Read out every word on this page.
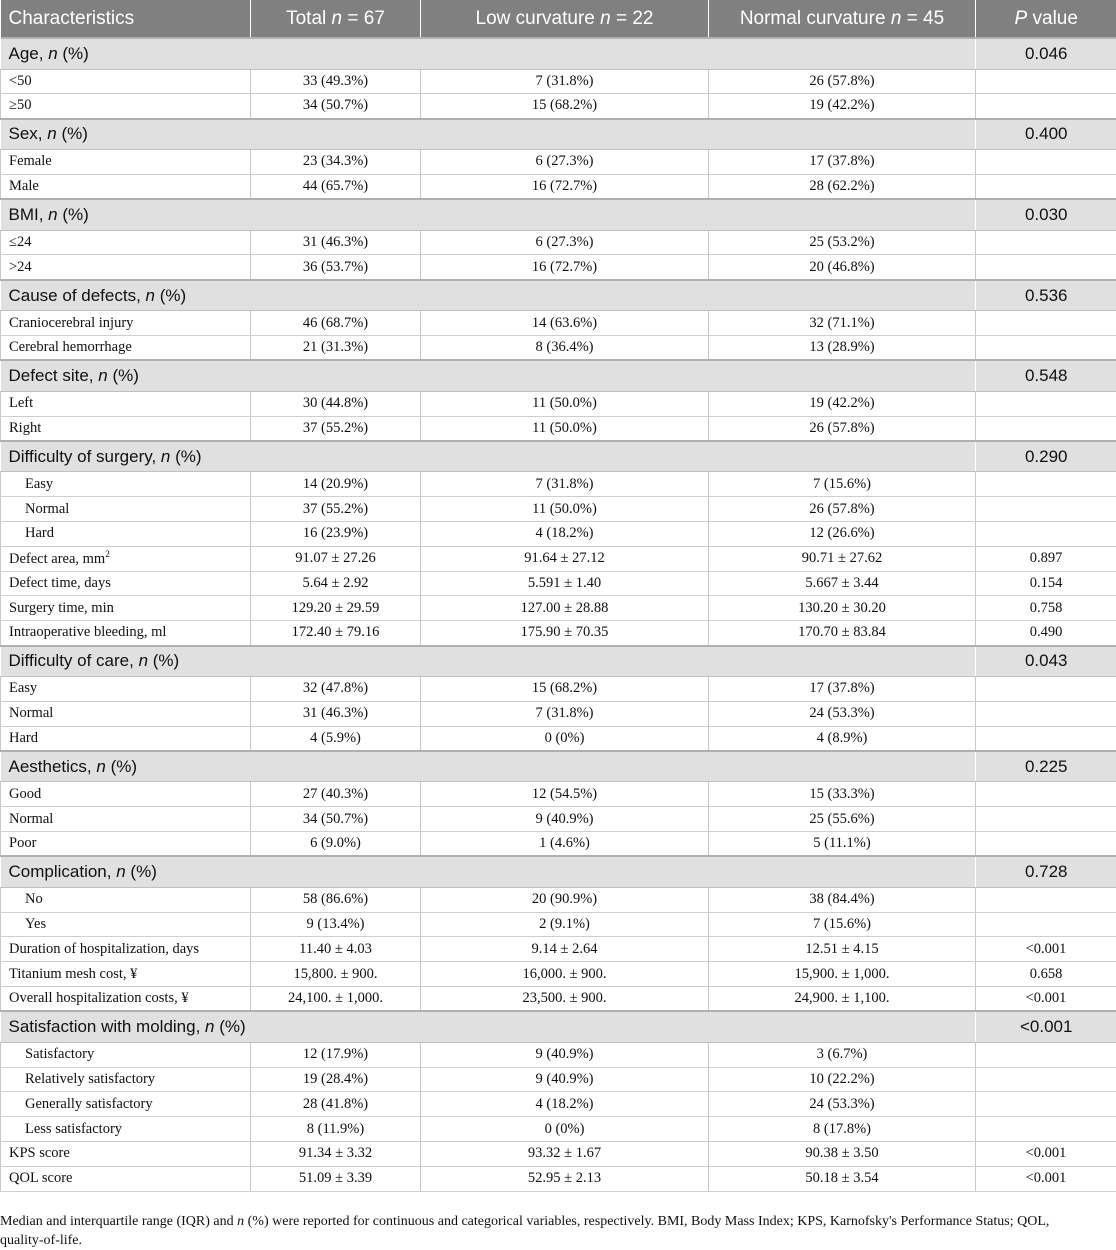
Characteristics	Total n = 67	Low curvature n = 22	Normal curvature n = 45	P value
Age, n (%)				0.046
<50	33 (49.3%)	7 (31.8%)	26 (57.8%)	
≥50	34 (50.7%)	15 (68.2%)	19 (42.2%)	
Sex, n (%)				0.400
Female	23 (34.3%)	6 (27.3%)	17 (37.8%)	
Male	44 (65.7%)	16 (72.7%)	28 (62.2%)	
BMI, n (%)				0.030
≤24	31 (46.3%)	6 (27.3%)	25 (53.2%)	
>24	36 (53.7%)	16 (72.7%)	20 (46.8%)	
Cause of defects, n (%)				0.536
Craniocerebral injury	46 (68.7%)	14 (63.6%)	32 (71.1%)	
Cerebral hemorrhage	21 (31.3%)	8 (36.4%)	13 (28.9%)	
Defect site, n (%)				0.548
Left	30 (44.8%)	11 (50.0%)	19 (42.2%)	
Right	37 (55.2%)	11 (50.0%)	26 (57.8%)	
Difficulty of surgery, n (%)				0.290
Easy	14 (20.9%)	7 (31.8%)	7 (15.6%)	
Normal	37 (55.2%)	11 (50.0%)	26 (57.8%)	
Hard	16 (23.9%)	4 (18.2%)	12 (26.6%)	
Defect area, $mm^2$	91.07 ± 27.26	91.64 ± 27.12	90.71 ± 27.62	0.897
Defect time, days	5.64 ± 2.92	5.591 ± 1.40	5.667 ± 3.44	0.154
Surgery time, min	129.20 ± 29.59	127.00 ± 28.88	130.20 ± 30.20	0.758
Intraoperative bleeding, ml	172.40 ± 79.16	175.90 ± 70.35	170.70 ± 83.84	0.490
Difficulty of care, n (%)				0.043
Easy	32 (47.8%)	15 (68.2%)	17 (37.8%)	
Normal	31 (46.3%)	7 (31.8%)	24 (53.3%)	
Hard	4 (5.9%)	0 (0%)	4 (8.9%)	
Aesthetics, n (%)				0.225
Good	27 (40.3%)	12 (54.5%)	15 (33.3%)	
Normal	34 (50.7%)	9 (40.9%)	25 (55.6%)	
Poor	6 (9.0%)	1 (4.6%)	5 (11.1%)	
Complication, n (%)				0.728
No	58 (86.6%)	20 (90.9%)	38 (84.4%)	
Yes	9 (13.4%)	2 (9.1%)	7 (15.6%)	
Duration of hospitalization, days	11.40 ± 4.03	9.14 ± 2.64	12.51 ± 4.15	<0.001
Titanium mesh cost, ¥	15,800. ± 900.	16,000. ± 900.	15,900. ± 1,000.	0.658
Overall hospitalization costs, ¥	24,100. ± 1,000.	23,500. ± 900.	24,900. ± 1,100.	<0.001
Satisfaction with molding, n (%)				<0.001
Satisfactory	12 (17.9%)	9 (40.9%)	3 (6.7%)	
Relatively satisfactory	19 (28.4%)	9 (40.9%)	10 (22.2%)	
Generally satisfactory	28 (41.8%)	4 (18.2%)	24 (53.3%)	
Less satisfactory	8 (11.9%)	0 (0%)	8 (17.8%)	
KPS score	91.34 ± 3.32	93.32 ± 1.67	90.38 ± 3.50	<0.001
QOL score	51.09 ± 3.39	52.95 ± 2.13	50.18 ± 3.54	<0.001
Median and interquartile range (IQR) and n (%) were reported for continuous and categorical variables, respectively. BMI, Body Mass Index; KPS, Karnofsky's Performance Status; QOL,
quality-of-life.
